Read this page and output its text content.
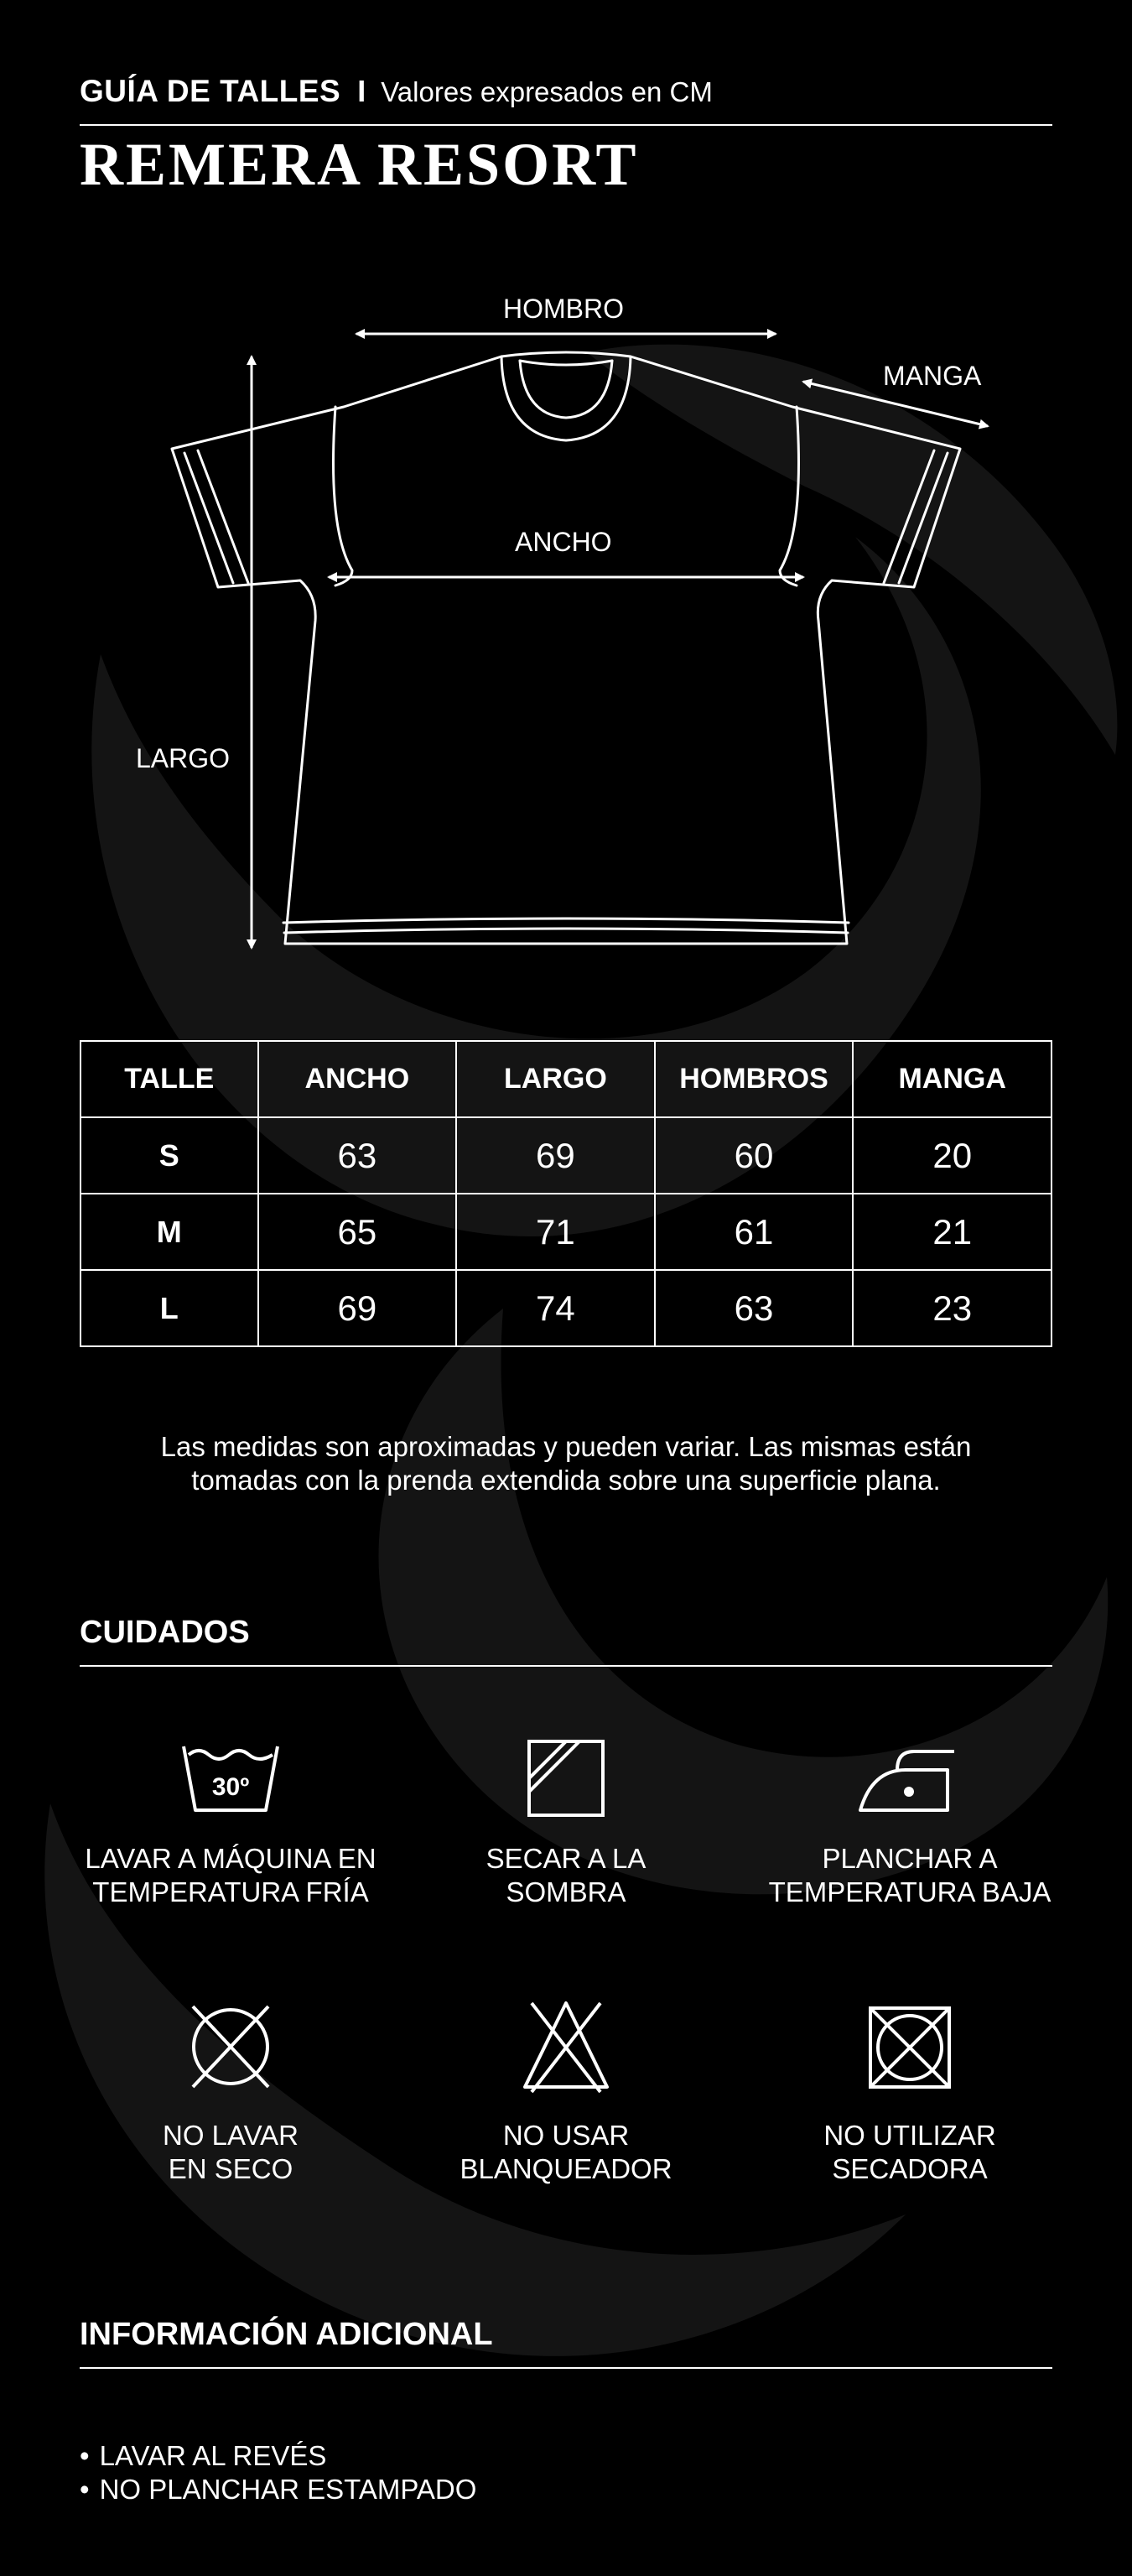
GUÍA DE TALLES I Valores expresados en CM
REMERA RESORT
HOMBRO
MANGA
ANCHO
LARGO
TALLE	ANCHO	LARGO	HOMBROS	MANGA
S	63	69	60	20
M	65	71	61	21
L	69	74	63	23
Las medidas son aproximadas y pueden variar. Las mismas están
tomadas con la prenda extendida sobre una superficie plana.
CUIDADOS
30º
LAVAR A MÁQUINA EN
TEMPERATURA FRÍA
SECAR A LA
SOMBRA
PLANCHAR A
TEMPERATURA BAJA
NO LAVAR
EN SECO
NO USAR
BLANQUEADOR
NO UTILIZAR
SECADORA
INFORMACIÓN ADICIONAL
• LAVAR AL REVÉS
• NO PLANCHAR ESTAMPADO
